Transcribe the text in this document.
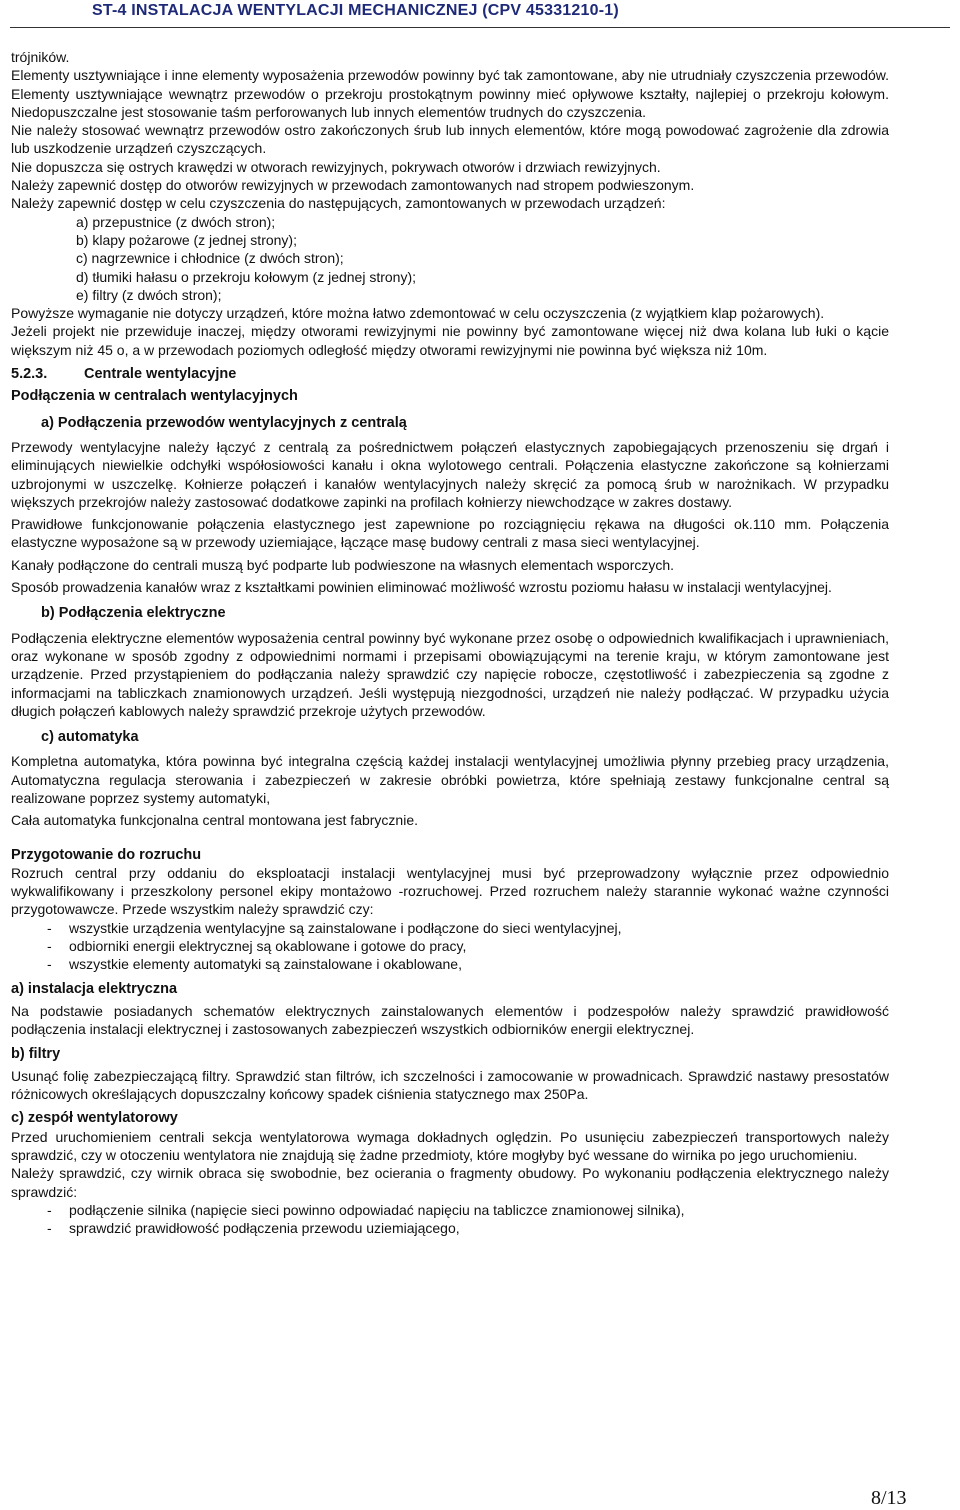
ST-4 INSTALACJA WENTYLACJI MECHANICZNEJ (CPV 45331210-1)

trójników.

Elementy usztywniające i inne elementy wyposażenia przewodów powinny być tak zamontowane, aby nie utrudniały czyszczenia przewodów. Elementy usztywniające wewnątrz przewodów o przekroju prostokątnym powinny mieć opływowe kształty, najlepiej o przekroju kołowym. Niedopuszczalne jest stosowanie taśm perforowanych lub innych elementów trudnych do czyszczenia.

Nie należy stosować wewnątrz przewodów ostro zakończonych śrub lub innych elementów, które mogą powodować zagrożenie dla zdrowia lub uszkodzenie urządzeń czyszczących.

Nie dopuszcza się ostrych krawędzi w otworach rewizyjnych, pokrywach otworów i drzwiach rewizyjnych.

Należy zapewnić dostęp do otworów rewizyjnych w przewodach zamontowanych nad stropem podwieszonym.

Należy zapewnić dostęp w celu czyszczenia do następujących, zamontowanych w przewodach urządzeń:

a) przepustnice (z dwóch stron);
b) klapy pożarowe (z jednej strony);
c) nagrzewnice i chłodnice (z dwóch stron);
d) tłumiki hałasu o przekroju kołowym (z jednej strony);
e) filtry (z dwóch stron);

Powyższe wymaganie nie dotyczy urządzeń, które można łatwo zdemontować w celu oczyszczenia (z wyjątkiem klap pożarowych).

Jeżeli projekt nie przewiduje inaczej, między otworami rewizyjnymi nie powinny być zamontowane więcej niż dwa kolana lub łuki o kącie większym niż 45 o, a w przewodach poziomych odległość między otworami rewizyjnymi nie powinna być większa niż 10m.

5.2.3.	Centrale wentylacyjne
Podłączenia w centralach wentylacyjnych
a) Podłączenia przewodów wentylacyjnych z centralą

Przewody wentylacyjne należy łączyć z centralą za pośrednictwem połączeń elastycznych zapobiegających przenoszeniu się drgań i eliminujących niewielkie odchyłki współosiowości kanału i okna wylotowego centrali. Połączenia elastyczne zakończone są kołnierzami uzbrojonymi w uszczelkę. Kołnierze połączeń i kanałów wentylacyjnych należy skręcić za pomocą śrub w narożnikach. W przypadku większych przekrojów należy zastosować dodatkowe zapinki na profilach kołnierzy niewchodzące w zakres dostawy.

Prawidłowe funkcjonowanie połączenia elastycznego jest zapewnione po rozciągnięciu rękawa na długości ok.110 mm. Połączenia elastyczne wyposażone są w przewody uziemiające, łączące masę budowy centrali z masa sieci wentylacyjnej.

Kanały podłączone do centrali muszą być podparte lub podwieszone na własnych elementach wsporczych.

Sposób prowadzenia kanałów wraz z kształtkami powinien eliminować możliwość wzrostu poziomu hałasu w instalacji wentylacyjnej.

b) Podłączenia elektryczne

Podłączenia elektryczne elementów wyposażenia central powinny być wykonane przez osobę o odpowiednich kwalifikacjach i uprawnieniach, oraz wykonane w sposób zgodny z odpowiednimi normami i przepisami obowiązującymi na terenie kraju, w którym zamontowane jest urządzenie. Przed przystąpieniem do podłączania należy sprawdzić czy napięcie robocze, częstotliwość i zabezpieczenia są zgodne z informacjami na tabliczkach znamionowych urządzeń. Jeśli występują niezgodności, urządzeń nie należy podłączać. W przypadku użycia długich połączeń kablowych należy sprawdzić przekroje użytych przewodów.

c) automatyka

Kompletna automatyka, która powinna być integralna częścią każdej instalacji wentylacyjnej umożliwia płynny przebieg pracy urządzenia, Automatyczna regulacja sterowania i zabezpieczeń w zakresie obróbki powietrza, które spełniają zestawy funkcjonalne central są realizowane poprzez systemy automatyki,

Cała automatyka funkcjonalna central montowana jest fabrycznie.

Przygotowanie do rozruchu

Rozruch central przy oddaniu do eksploatacji instalacji wentylacyjnej musi być przeprowadzony wyłącznie przez odpowiednio wykwalifikowany i przeszkolony personel ekipy montażowo -rozruchowej. Przed rozruchem należy starannie wykonać ważne czynności przygotowawcze. Przede wszystkim należy sprawdzić czy:

- wszystkie urządzenia wentylacyjne są zainstalowane i podłączone do sieci wentylacyjnej,
- odbiorniki energii elektrycznej są okablowane i gotowe do pracy,
- wszystkie elementy automatyki są zainstalowane i okablowane,
a) instalacja elektryczna

Na podstawie posiadanych schematów elektrycznych zainstalowanych elementów i podzespołów należy sprawdzić prawidłowość podłączenia instalacji elektrycznej i zastosowanych zabezpieczeń wszystkich odbiorników energii elektrycznej.

b) filtry

Usunąć folię zabezpieczającą filtry. Sprawdzić stan filtrów, ich szczelności i zamocowanie w prowadnicach. Sprawdzić nastawy presostatów różnicowych określających dopuszczalny końcowy spadek ciśnienia statycznego max 250Pa.

c) zespół wentylatorowy

Przed uruchomieniem centrali sekcja wentylatorowa wymaga dokładnych oględzin. Po usunięciu zabezpieczeń transportowych należy sprawdzić, czy w otoczeniu wentylatora nie znajdują się żadne przedmioty, które mogłyby być wessane do wirnika po jego uruchomieniu.

Należy sprawdzić, czy wirnik obraca się swobodnie, bez ocierania o fragmenty obudowy. Po wykonaniu podłączenia elektrycznego należy sprawdzić:

- podłączenie silnika (napięcie sieci powinno odpowiadać napięciu na tabliczce znamionowej silnika),
- sprawdzić prawidłowość podłączenia przewodu uziemiającego,
8/13
